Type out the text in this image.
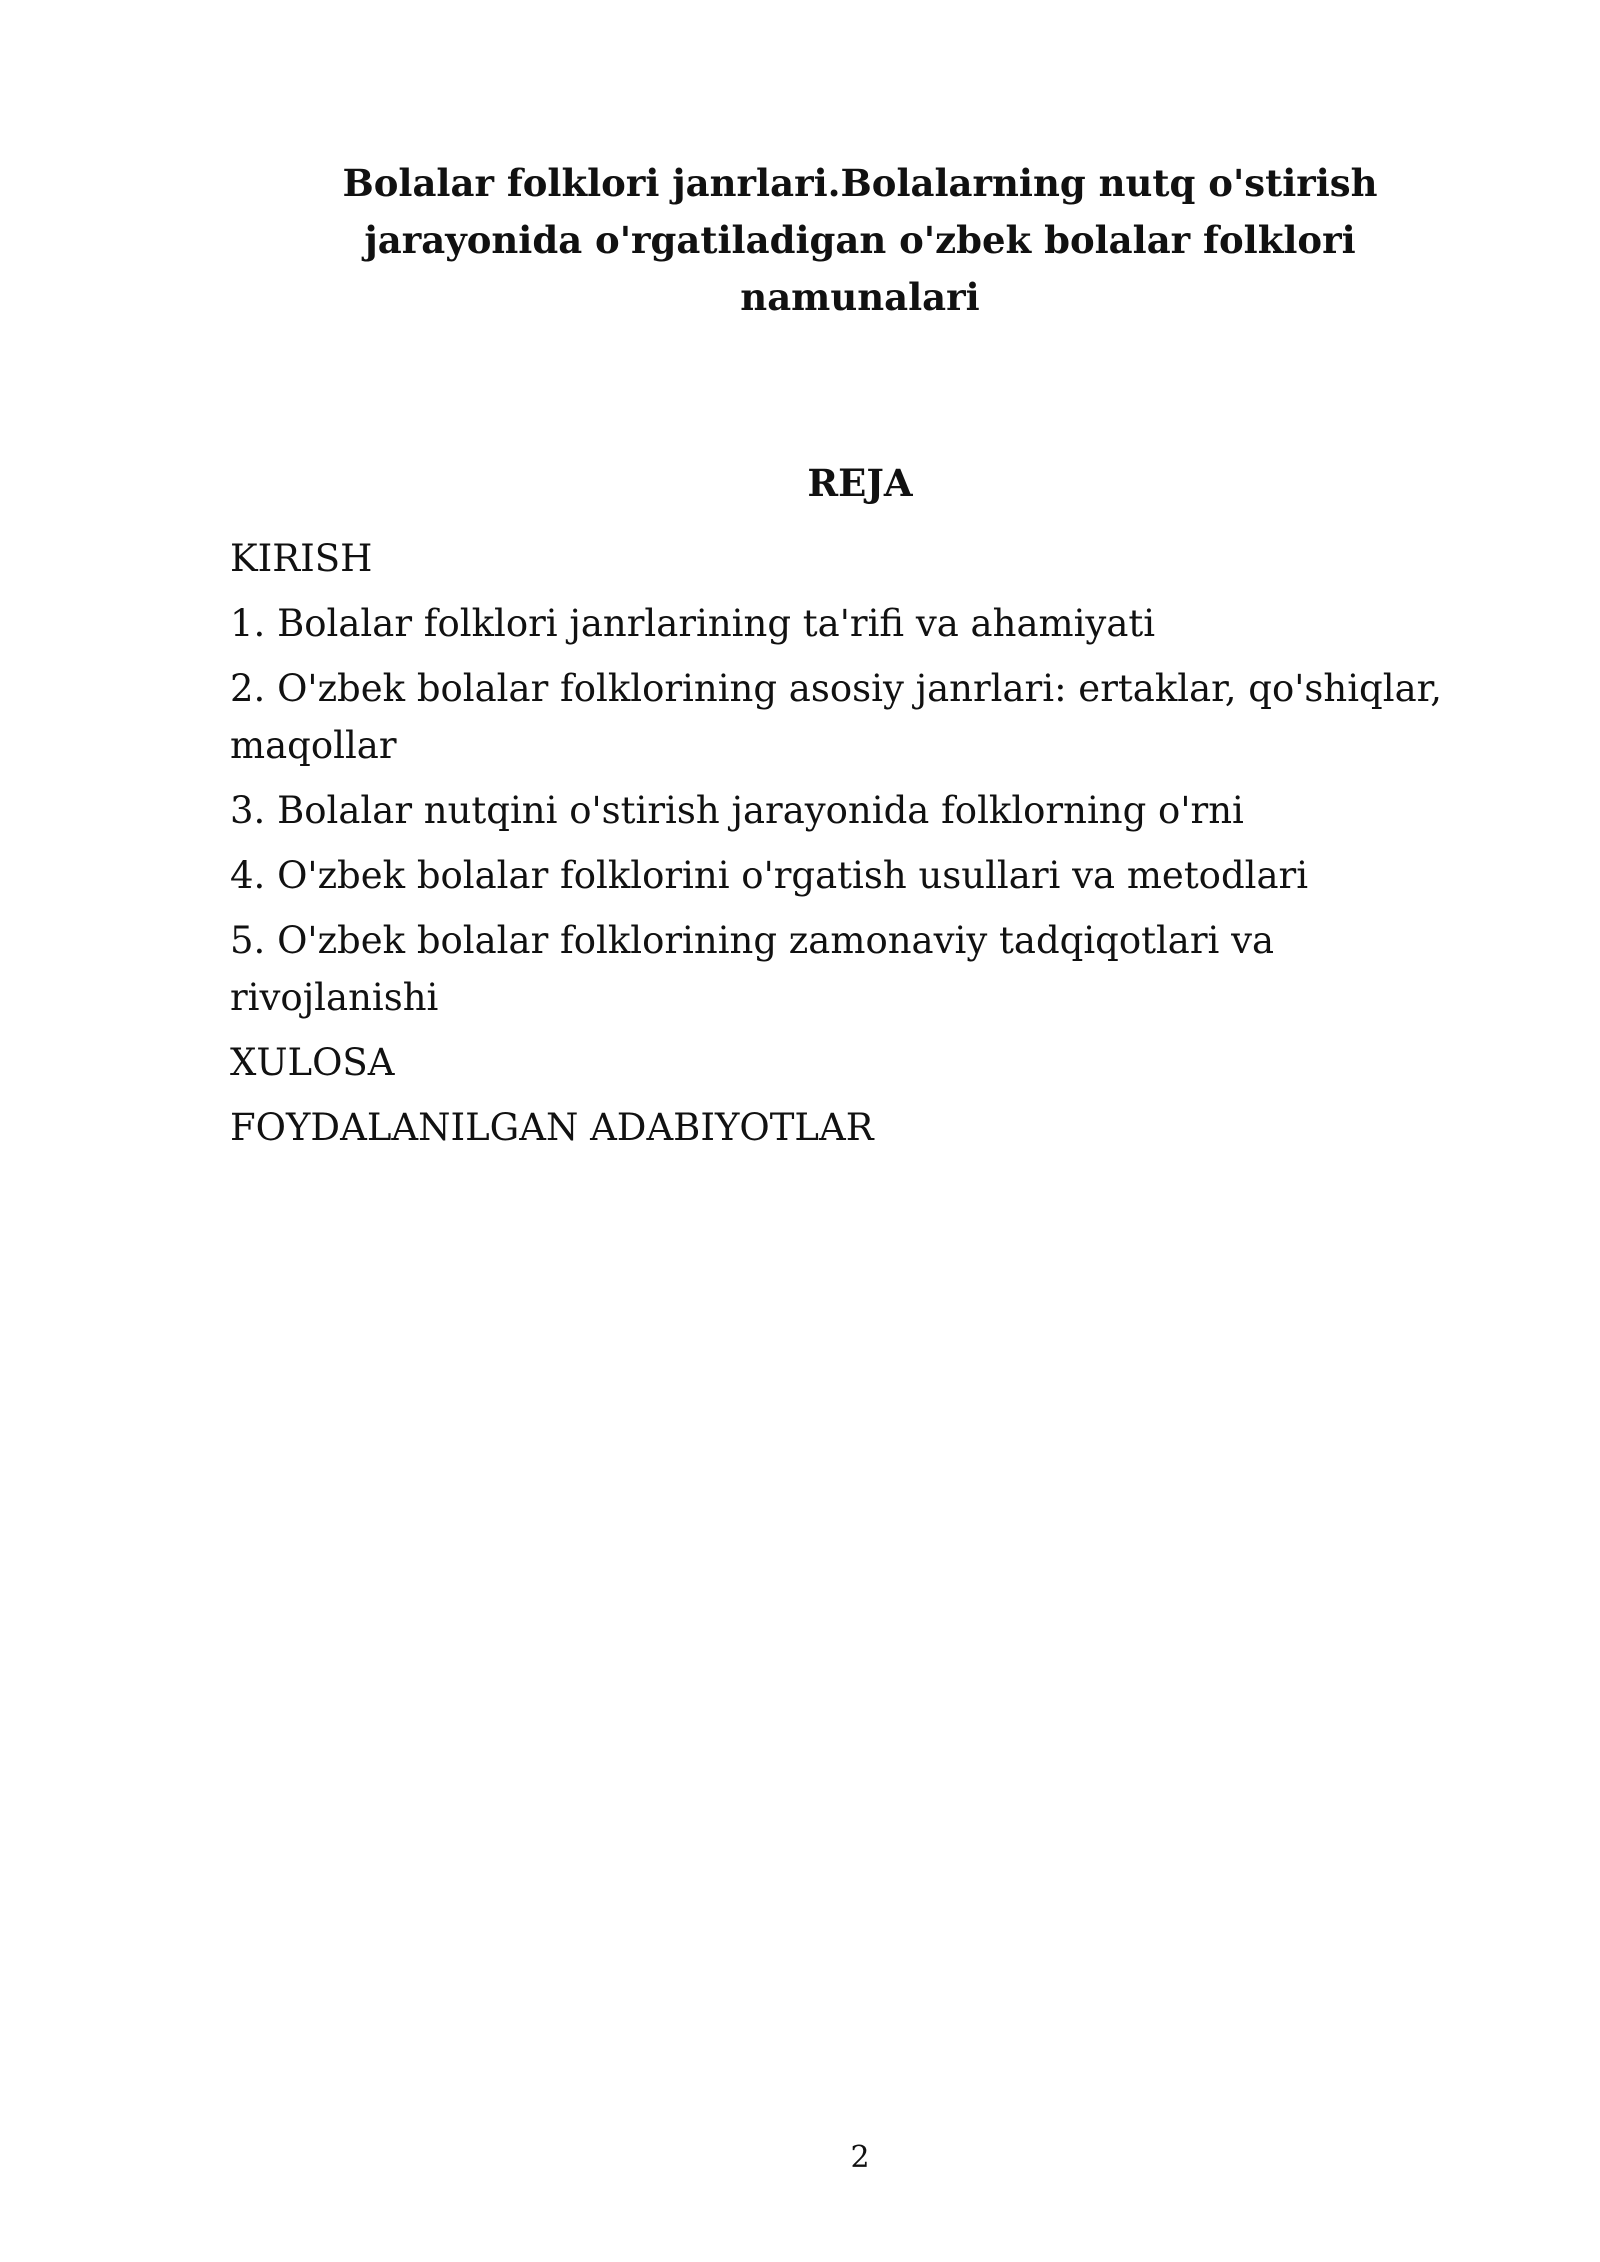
Bolalar folklori janrlari.Bolalarning nutq o'stirish
jarayonida o'rgatiladigan o'zbek bolalar folklori
namunalari
REJA
KIRISH
1. Bolalar folklori janrlarining ta'rifi va ahamiyati
2. O'zbek bolalar folklorining asosiy janrlari: ertaklar, qo'shiqlar,
maqollar
3. Bolalar nutqini o'stirish jarayonida folklorning o'rni
4. O'zbek bolalar folklorini o'rgatish usullari va metodlari
5. O'zbek bolalar folklorining zamonaviy tadqiqotlari va
rivojlanishi
XULOSA
FOYDALANILGAN ADABIYOTLAR
2
